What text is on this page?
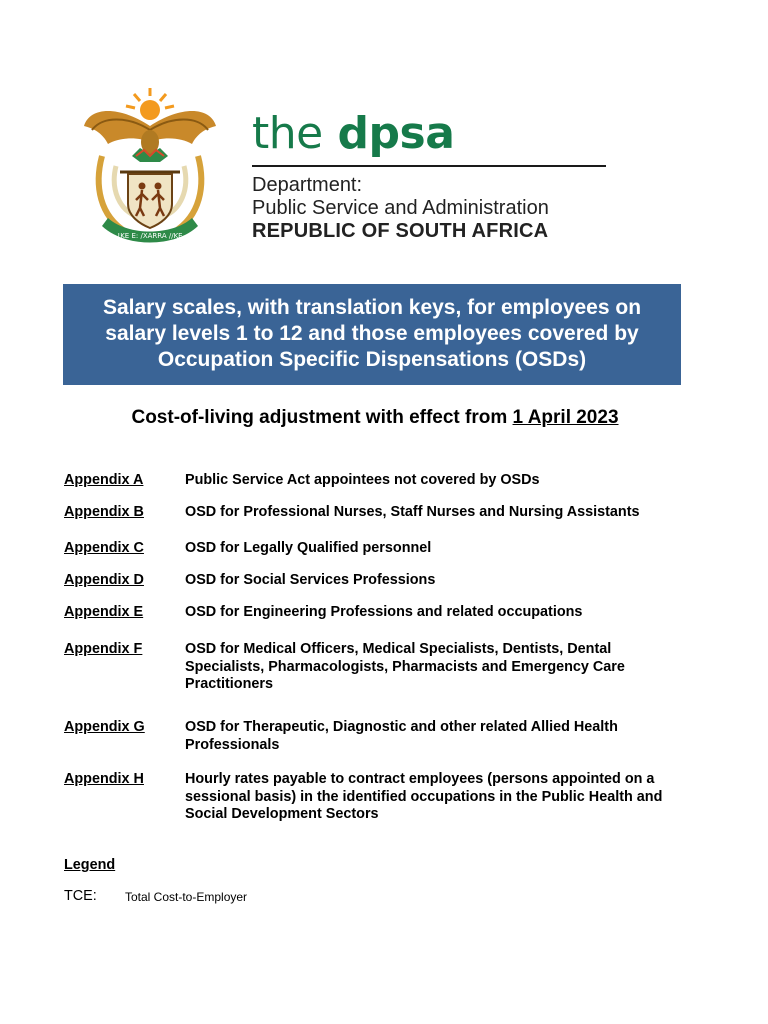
!KE E: /XARRA //KE
the dpsa
Department:
Public Service and Administration
REPUBLIC OF SOUTH AFRICA
Salary scales, with translation keys, for employees on
salary levels 1 to 12 and those employees covered by
Occupation Specific Dispensations (OSDs)
Cost-of-living adjustment with effect from 1 April 2023
Appendix A	Public Service Act appointees not covered by OSDs
Appendix B	OSD for Professional Nurses, Staff Nurses and Nursing Assistants
Appendix C	OSD for Legally Qualified personnel
Appendix D	OSD for Social Services Professions
Appendix E	OSD for Engineering Professions and related occupations
Appendix F	OSD for Medical Officers, Medical Specialists, Dentists, Dental Specialists, Pharmacologists, Pharmacists and Emergency Care Practitioners
Appendix G	OSD for Therapeutic, Diagnostic and other related Allied Health Professionals
Appendix H	Hourly rates payable to contract employees (persons appointed on a sessional basis) in the identified occupations in the Public Health and Social Development Sectors
Legend
TCE: Total Cost-to-Employer
